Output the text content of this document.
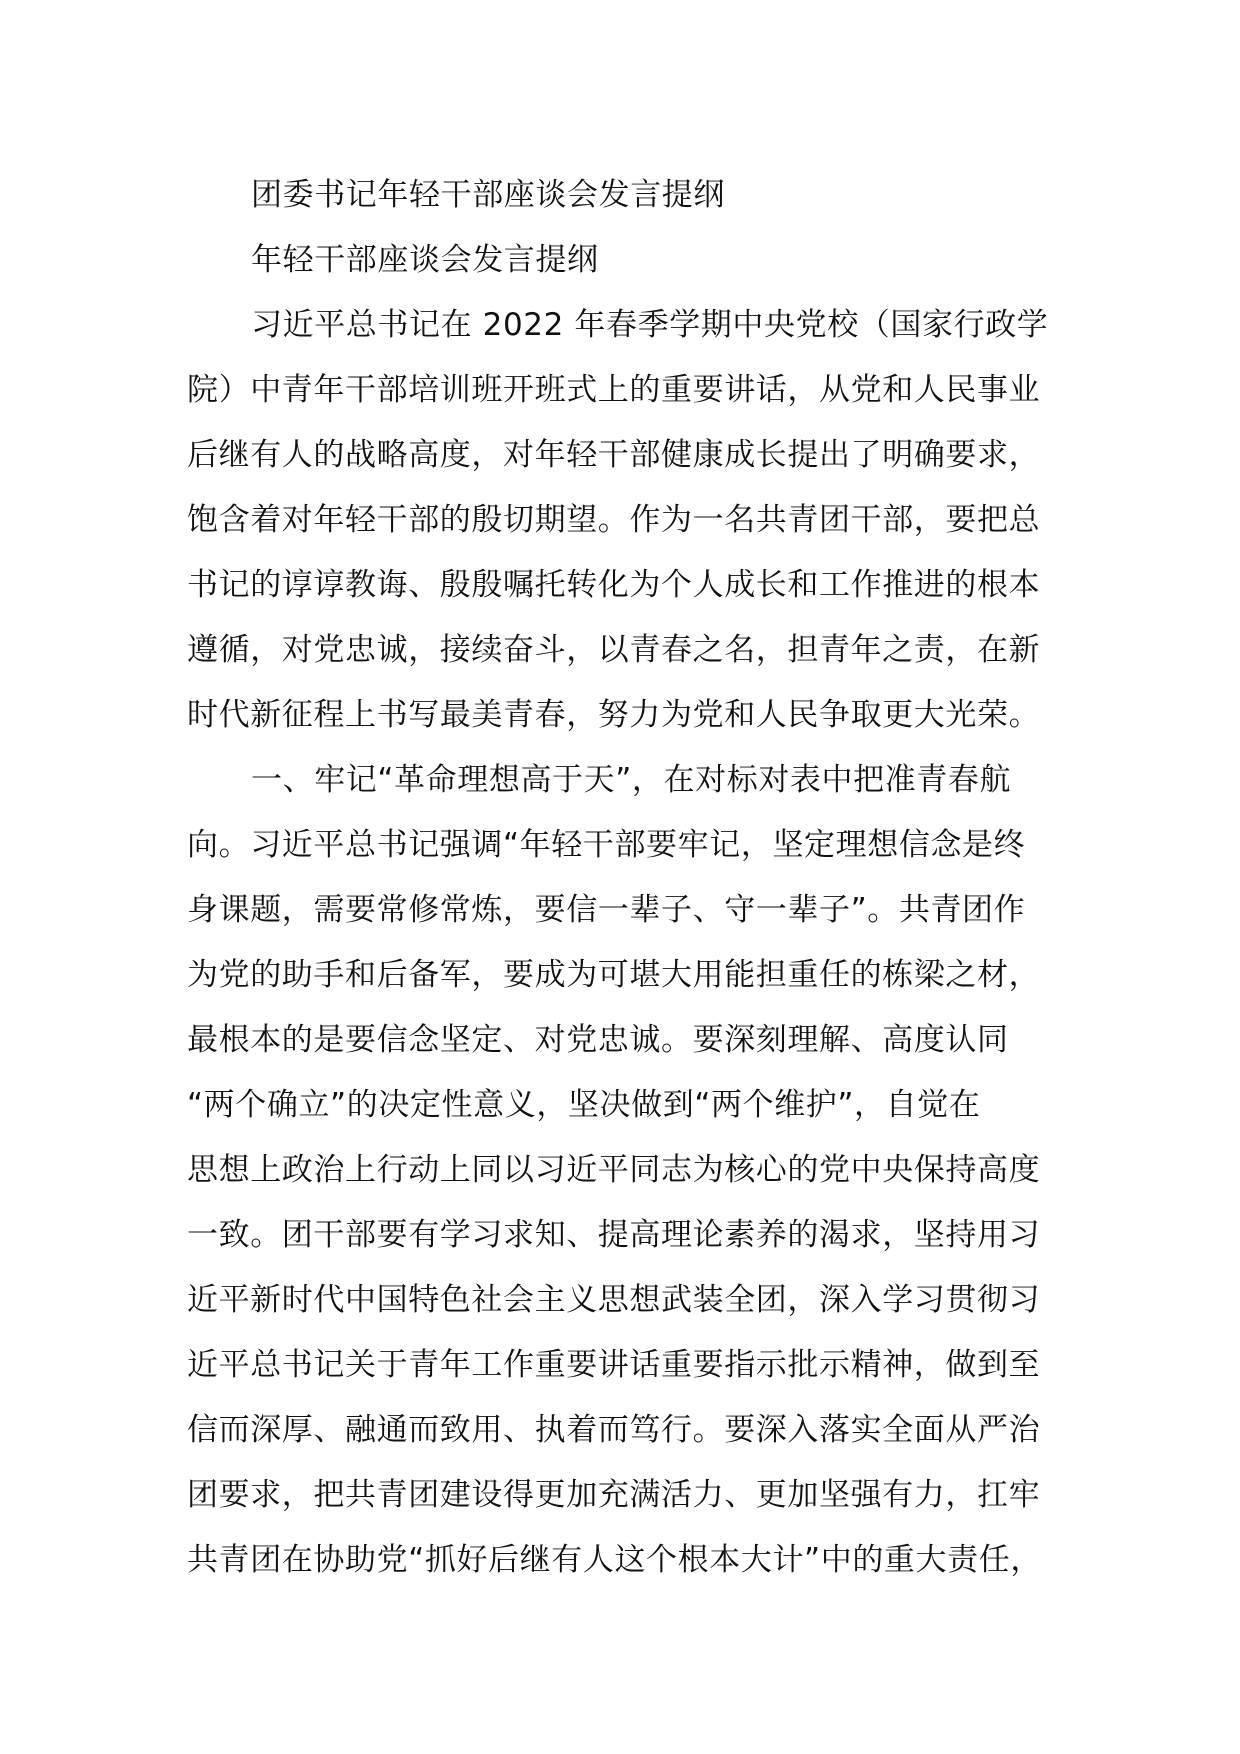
团委书记年轻干部座谈会发言提纲
年轻干部座谈会发言提纲
习近平总书记在 2022 年春季学期中央党校（国家行政学
院）中青年干部培训班开班式上的重要讲话，从党和人民事业
后继有人的战略高度，对年轻干部健康成长提出了明确要求，
饱含着对年轻干部的殷切期望。作为一名共青团干部，要把总
书记的谆谆教诲、殷殷嘱托转化为个人成长和工作推进的根本
遵循，对党忠诚，接续奋斗，以青春之名，担青年之责，在新
时代新征程上书写最美青春，努力为党和人民争取更大光荣。
一、牢记“革命理想高于天”，在对标对表中把准青春航
向。习近平总书记强调“年轻干部要牢记，坚定理想信念是终
身课题，需要常修常炼，要信一辈子、守一辈子”。共青团作
为党的助手和后备军，要成为可堪大用能担重任的栋梁之材，
最根本的是要信念坚定、对党忠诚。要深刻理解、高度认同
“两个确立”的决定性意义，坚决做到“两个维护”，自觉在
思想上政治上行动上同以习近平同志为核心的党中央保持高度
一致。团干部要有学习求知、提高理论素养的渴求，坚持用习
近平新时代中国特色社会主义思想武装全团，深入学习贯彻习
近平总书记关于青年工作重要讲话重要指示批示精神，做到至
信而深厚、融通而致用、执着而笃行。要深入落实全面从严治
团要求，把共青团建设得更加充满活力、更加坚强有力，扛牢
共青团在协助党“抓好后继有人这个根本大计”中的重大责任，
